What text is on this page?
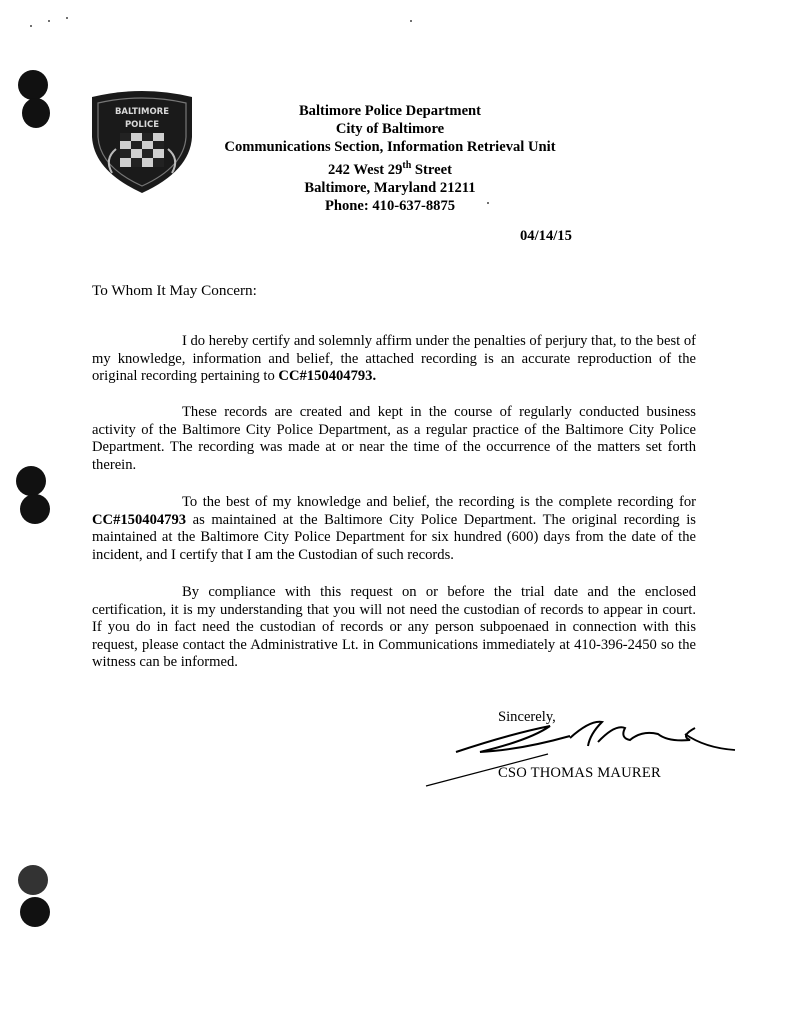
BALTIMORE
POLICE
Baltimore Police Department
City of Baltimore
Communications Section, Information Retrieval Unit
242 West 29th Street
Baltimore, Maryland 21211
Phone: 410-637-8875
04/14/15
To Whom It May Concern:
I do hereby certify and solemnly affirm under the penalties of perjury that, to the best of my knowledge, information and belief, the attached recording is an accurate reproduction of the original recording pertaining to CC#150404793.
These records are created and kept in the course of regularly conducted business activity of the Baltimore City Police Department, as a regular practice of the Baltimore City Police Department. The recording was made at or near the time of the occurrence of the matters set forth therein.
To the best of my knowledge and belief, the recording is the complete recording for CC#150404793 as maintained at the Baltimore City Police Department. The original recording is maintained at the Baltimore City Police Department for six hundred (600) days from the date of the incident, and I certify that I am the Custodian of such records.
By compliance with this request on or before the trial date and the enclosed certification, it is my understanding that you will not need the custodian of records to appear in court. If you do in fact need the custodian of records or any person subpoenaed in connection with this request, please contact the Administrative Lt. in Communications immediately at 410-396-2450 so the witness can be informed.
Sincerely,
CSO THOMAS MAURER
